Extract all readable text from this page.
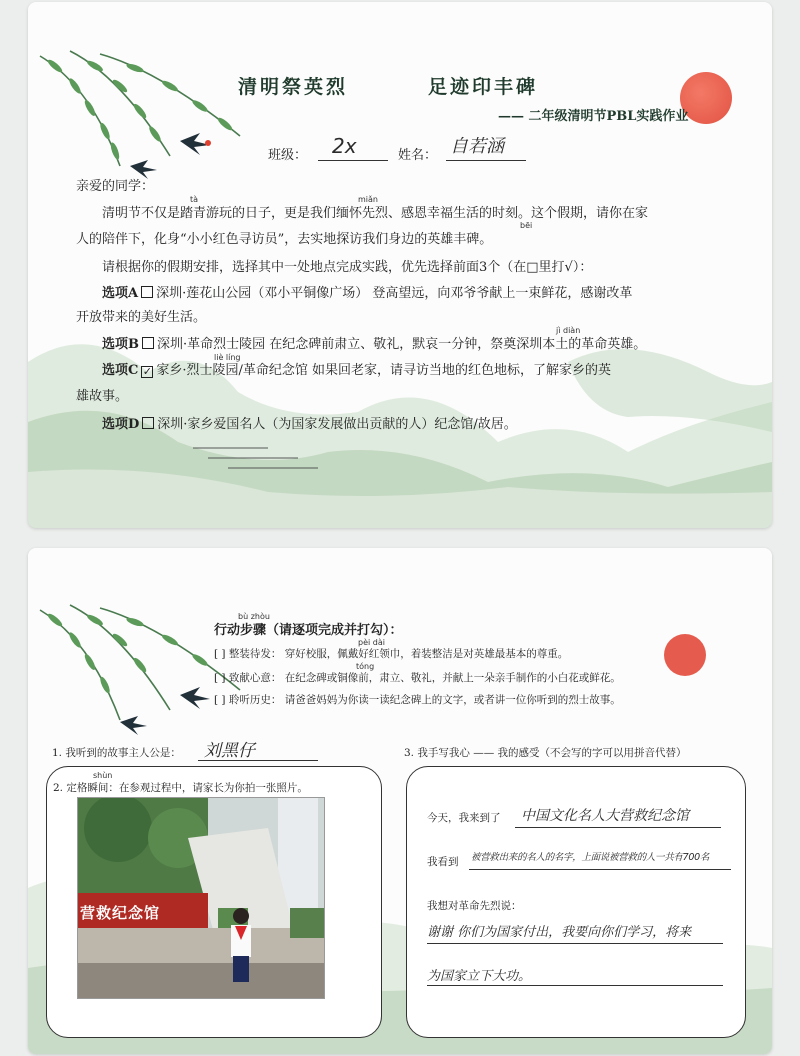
清明祭英烈	足迹印丰碑
—— 二年级清明节PBL实践作业
班级： 2x	姓名： 自若涵
亲爱的同学：
tà	miǎn
清明节不仅是踏青游玩的日子，更是我们缅怀先烈、感恩幸福生活的时刻。这个假期，请你在家
人的陪伴下，化身“小小红色寻访员”，去实地探访我们身边的英雄丰碑。
bēi
请根据你的假期安排，选择其中一处地点完成实践，优先选择前面3个（在□里打√）：
选项A 深圳·莲花山公园（邓小平铜像广场） 登高望远，向邓爷爷献上一束鲜花，感谢改革
开放带来的美好生活。
jì diàn
选项B 深圳·革命烈士陵园 在纪念碑前肃立、敬礼，默哀一分钟，祭奠深圳本土的革命英雄。
liè líng
选项C ✓ 家乡·烈士陵园/革命纪念馆 如果回老家，请寻访当地的红色地标，了解家乡的英
雄故事。
选项D 深圳·家乡爱国名人（为国家发展做出贡献的人）纪念馆/故居。
bù zhòu
行动步骤（请逐项完成并打勾）：
pèi dài
[ ] 整装待发： 穿好校服，佩戴好红领巾，着装整洁是对英雄最基本的尊重。
tóng
[ ] 致献心意： 在纪念碑或铜像前，肃立、敬礼，并献上一朵亲手制作的小白花或鲜花。
[ ] 聆听历史： 请爸爸妈妈为你读一读纪念碑上的文字，或者讲一位你听到的烈士故事。
1. 我听到的故事主人公是： 刘黑仔	3. 我手写我心 —— 我的感受（不会写的字可以用拼音代替）
shùn
2. 定格瞬间：在参观过程中，请家长为你拍一张照片。
营救纪念馆
今天，我来到了 中国文化名人大营救纪念馆
我看到 被营救出来的名人的名字，上面说被营救的人一共有700名
我想对革命先烈说：
谢谢 你们为国家付出，我要向你们学习，将来
为国家立下大功。
